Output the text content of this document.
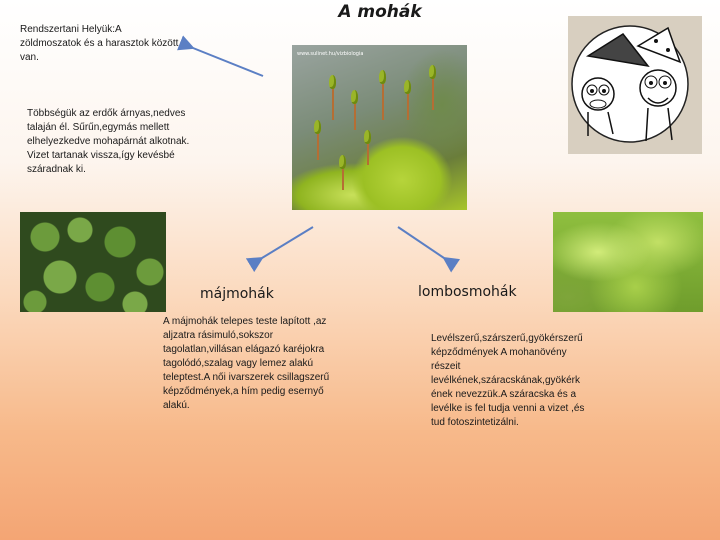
A mohák
Rendszertani Helyük:A zöldmoszatok és a harasztok között van.
Többségük az erdők árnyas,nedves talaján él. Sűrűn,egymás mellett elhelyezkedve mohapárnát alkotnak. Vizet tartanak vissza,így kevésbé száradnak ki.
www.sulinet.hu/vizbiologia
májmohák	lombosmohák
A májmohák telepes teste lapított ,az aljzatra rásimuló,sokszor tagolatlan,villásan elágazó karéjokra tagolódó,szalag vagy lemez alakú teleptest.A női ivarszerek csillagszerű képződmények,a hím pedig esernyő alakú.
Levélszerű,szárszerű,gyökérszerű képződmények A mohanövény részeit levélkének,száracskának,gyökérk ének nevezzük.A száracska és a levélke is fel tudja venni a vizet ,és tud fotoszintetizálni.
